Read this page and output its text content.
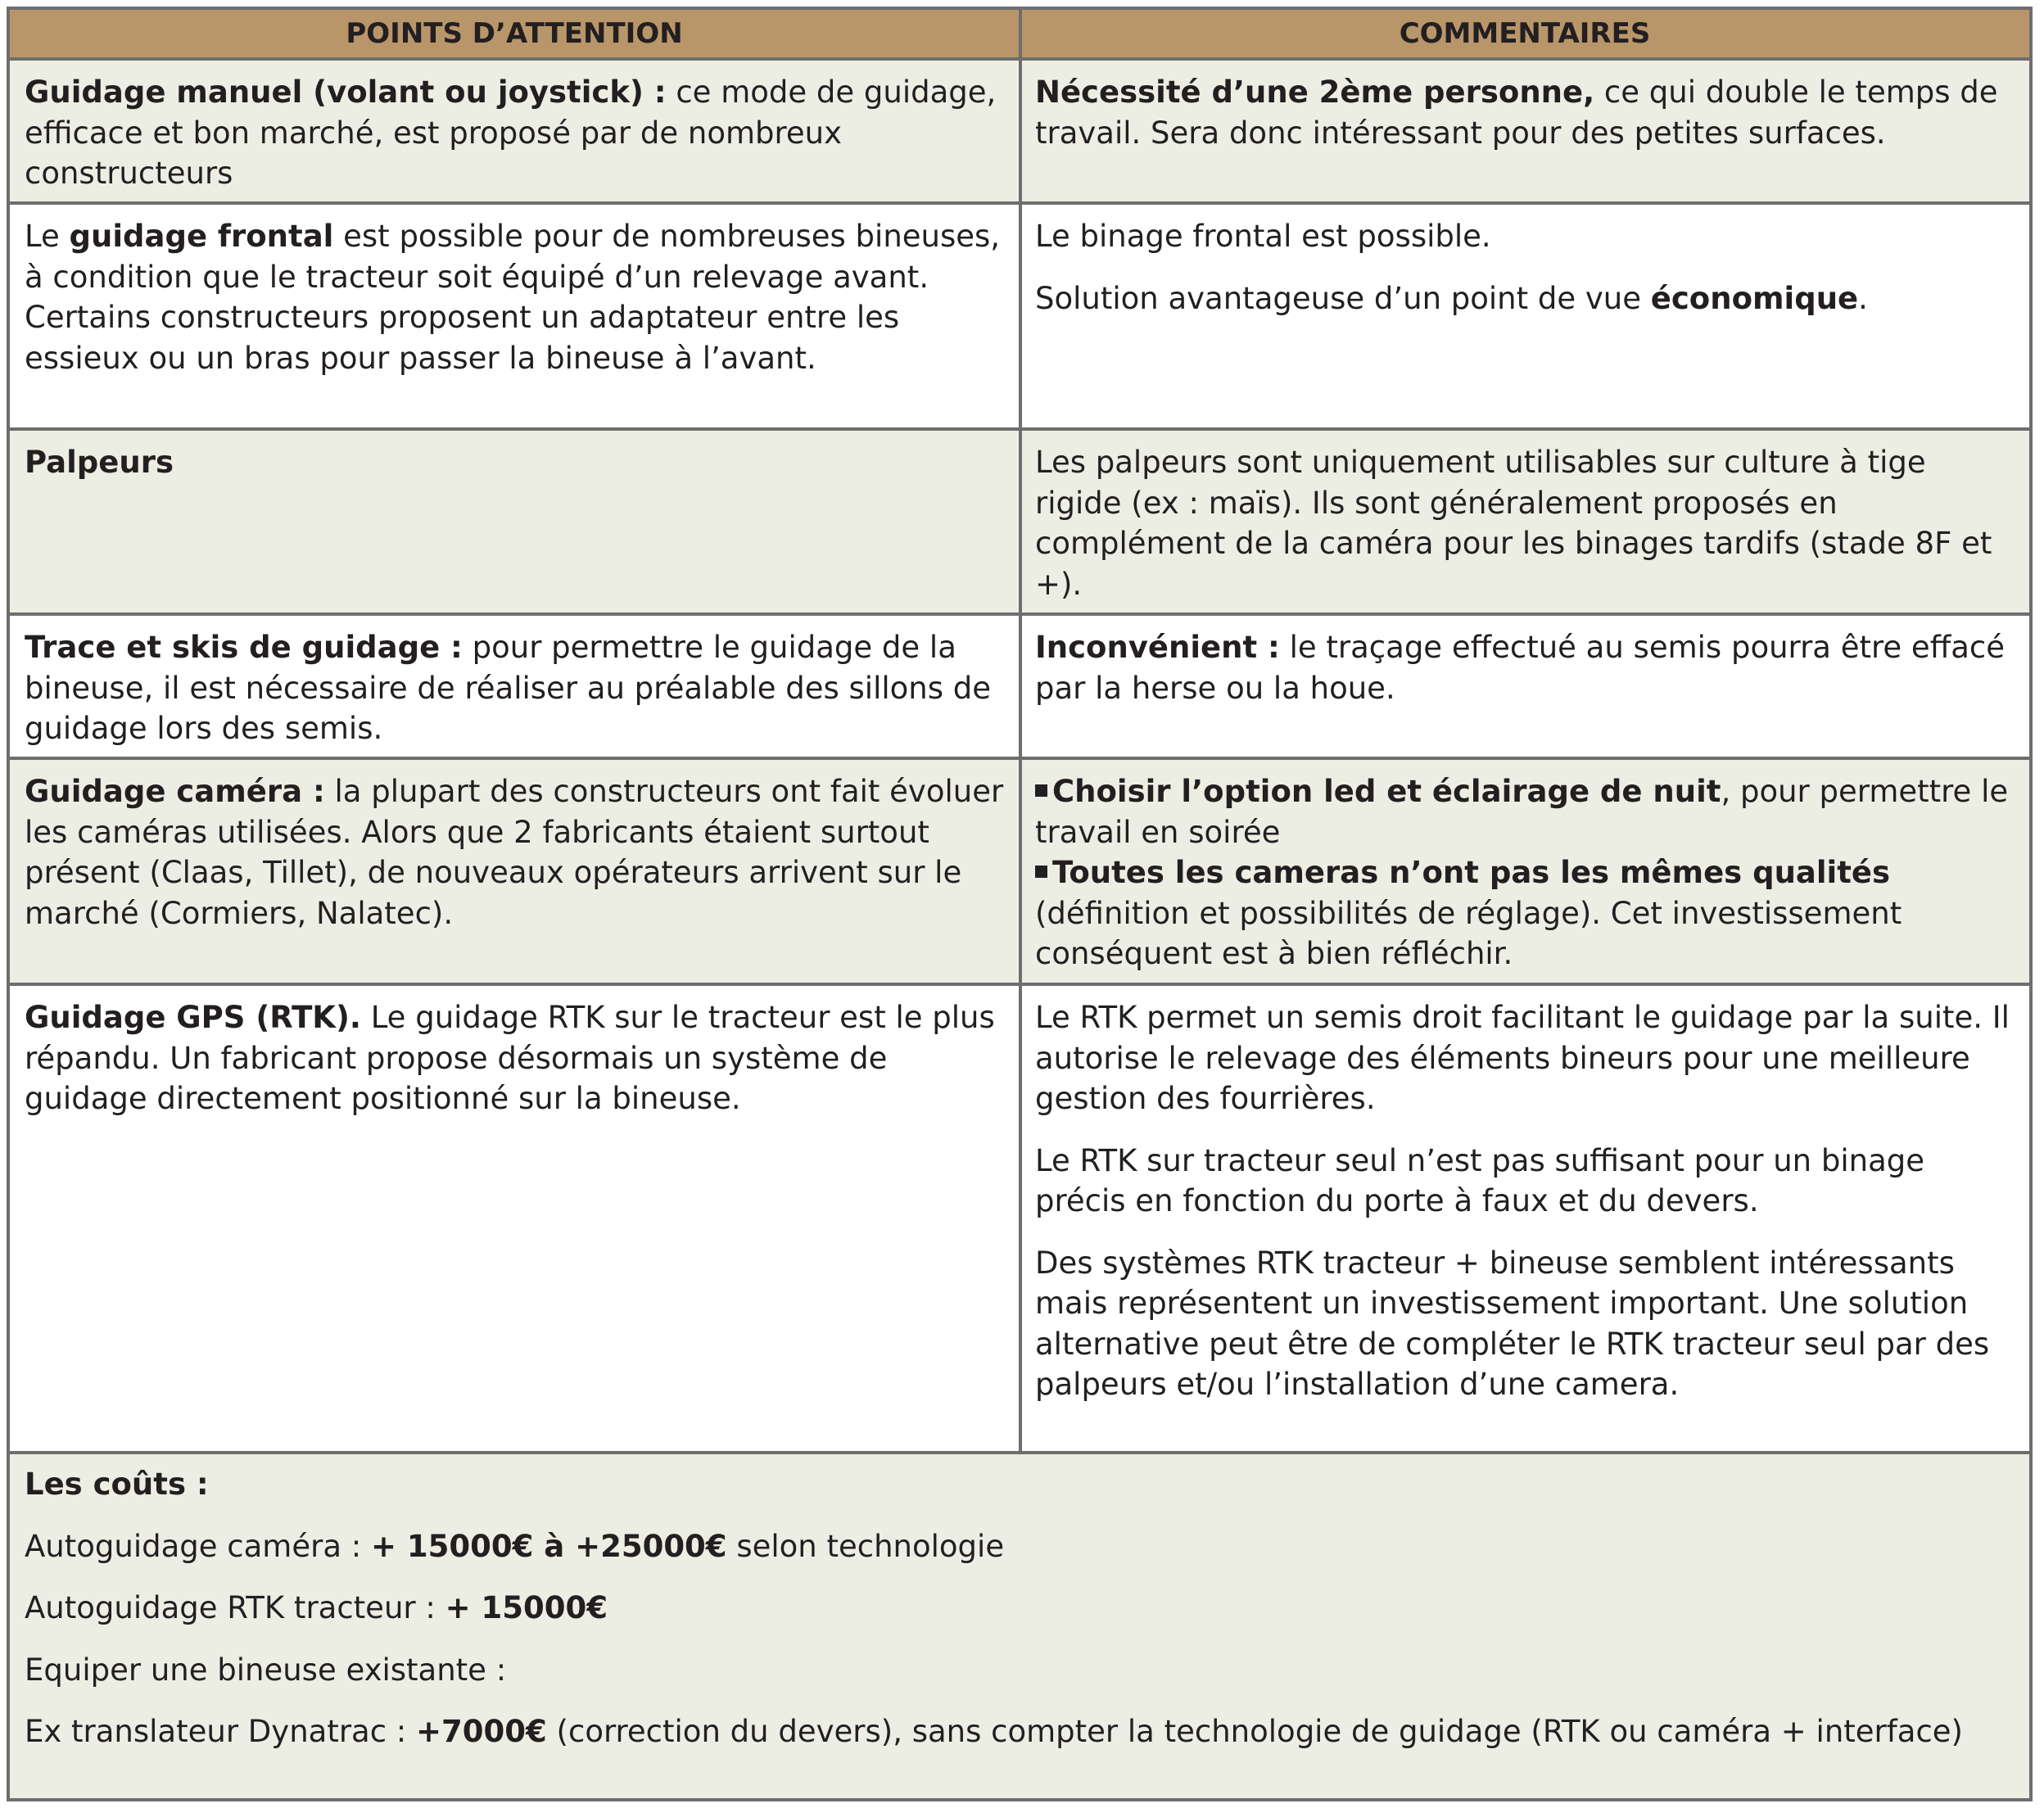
POINTS D’ATTENTION	COMMENTAIRES
Guidage manuel (volant ou joystick) : ce mode de guidage, efficace et bon marché, est proposé par de nombreux constructeurs
Nécessité d’une 2ème personne, ce qui double le temps de travail. Sera donc intéressant pour des petites surfaces.
Le guidage frontal est possible pour de nombreuses bineuses, à condition que le tracteur soit équipé d’un relevage avant. Certains constructeurs proposent un adaptateur entre les essieux ou un bras pour passer la bineuse à l’avant.

Le binage frontal est possible.

Solution avantageuse d’un point de vue économique.

Palpeurs	Les palpeurs sont uniquement utilisables sur culture à tige rigide (ex : maïs). Ils sont généralement proposés en complément de la caméra pour les binages tardifs (stade 8F et +).
Trace et skis de guidage : pour permettre le guidage de la bineuse, il est nécessaire de réaliser au préalable des sillons de guidage lors des semis.
Inconvénient : le traçage effectué au semis pourra être effacé par la herse ou la houe.
Guidage caméra : la plupart des constructeurs ont fait évoluer les caméras utilisées. Alors que 2 fabricants étaient surtout présent (Claas, Tillet), de nouveaux opérateurs arrivent sur le marché (Cormiers, Nalatec).

Choisir l’option led et éclairage de nuit, pour permettre le travail en soirée

Toutes les cameras n’ont pas les mêmes qualités (définition et possibilités de réglage). Cet investissement conséquent est à bien réfléchir.

Guidage GPS (RTK). Le guidage RTK sur le tracteur est le plus répandu. Un fabricant propose désormais un système de guidage directement positionné sur la bineuse.

Le RTK permet un semis droit facilitant le guidage par la suite. Il autorise le relevage des éléments bineurs pour une meilleure gestion des fourrières.

Le RTK sur tracteur seul n’est pas suffisant pour un binage précis en fonction du porte à faux et du devers.

Des systèmes RTK tracteur + bineuse semblent intéressants mais représentent un investissement important. Une solution alternative peut être de compléter le RTK tracteur seul par des palpeurs et/ou l’installation d’une camera.

Les coûts :

Autoguidage caméra : + 15000€ à +25000€ selon technologie

Autoguidage RTK tracteur : + 15000€

Equiper une bineuse existante :

Ex translateur Dynatrac : +7000€ (correction du devers), sans compter la technologie de guidage (RTK ou caméra + interface)
